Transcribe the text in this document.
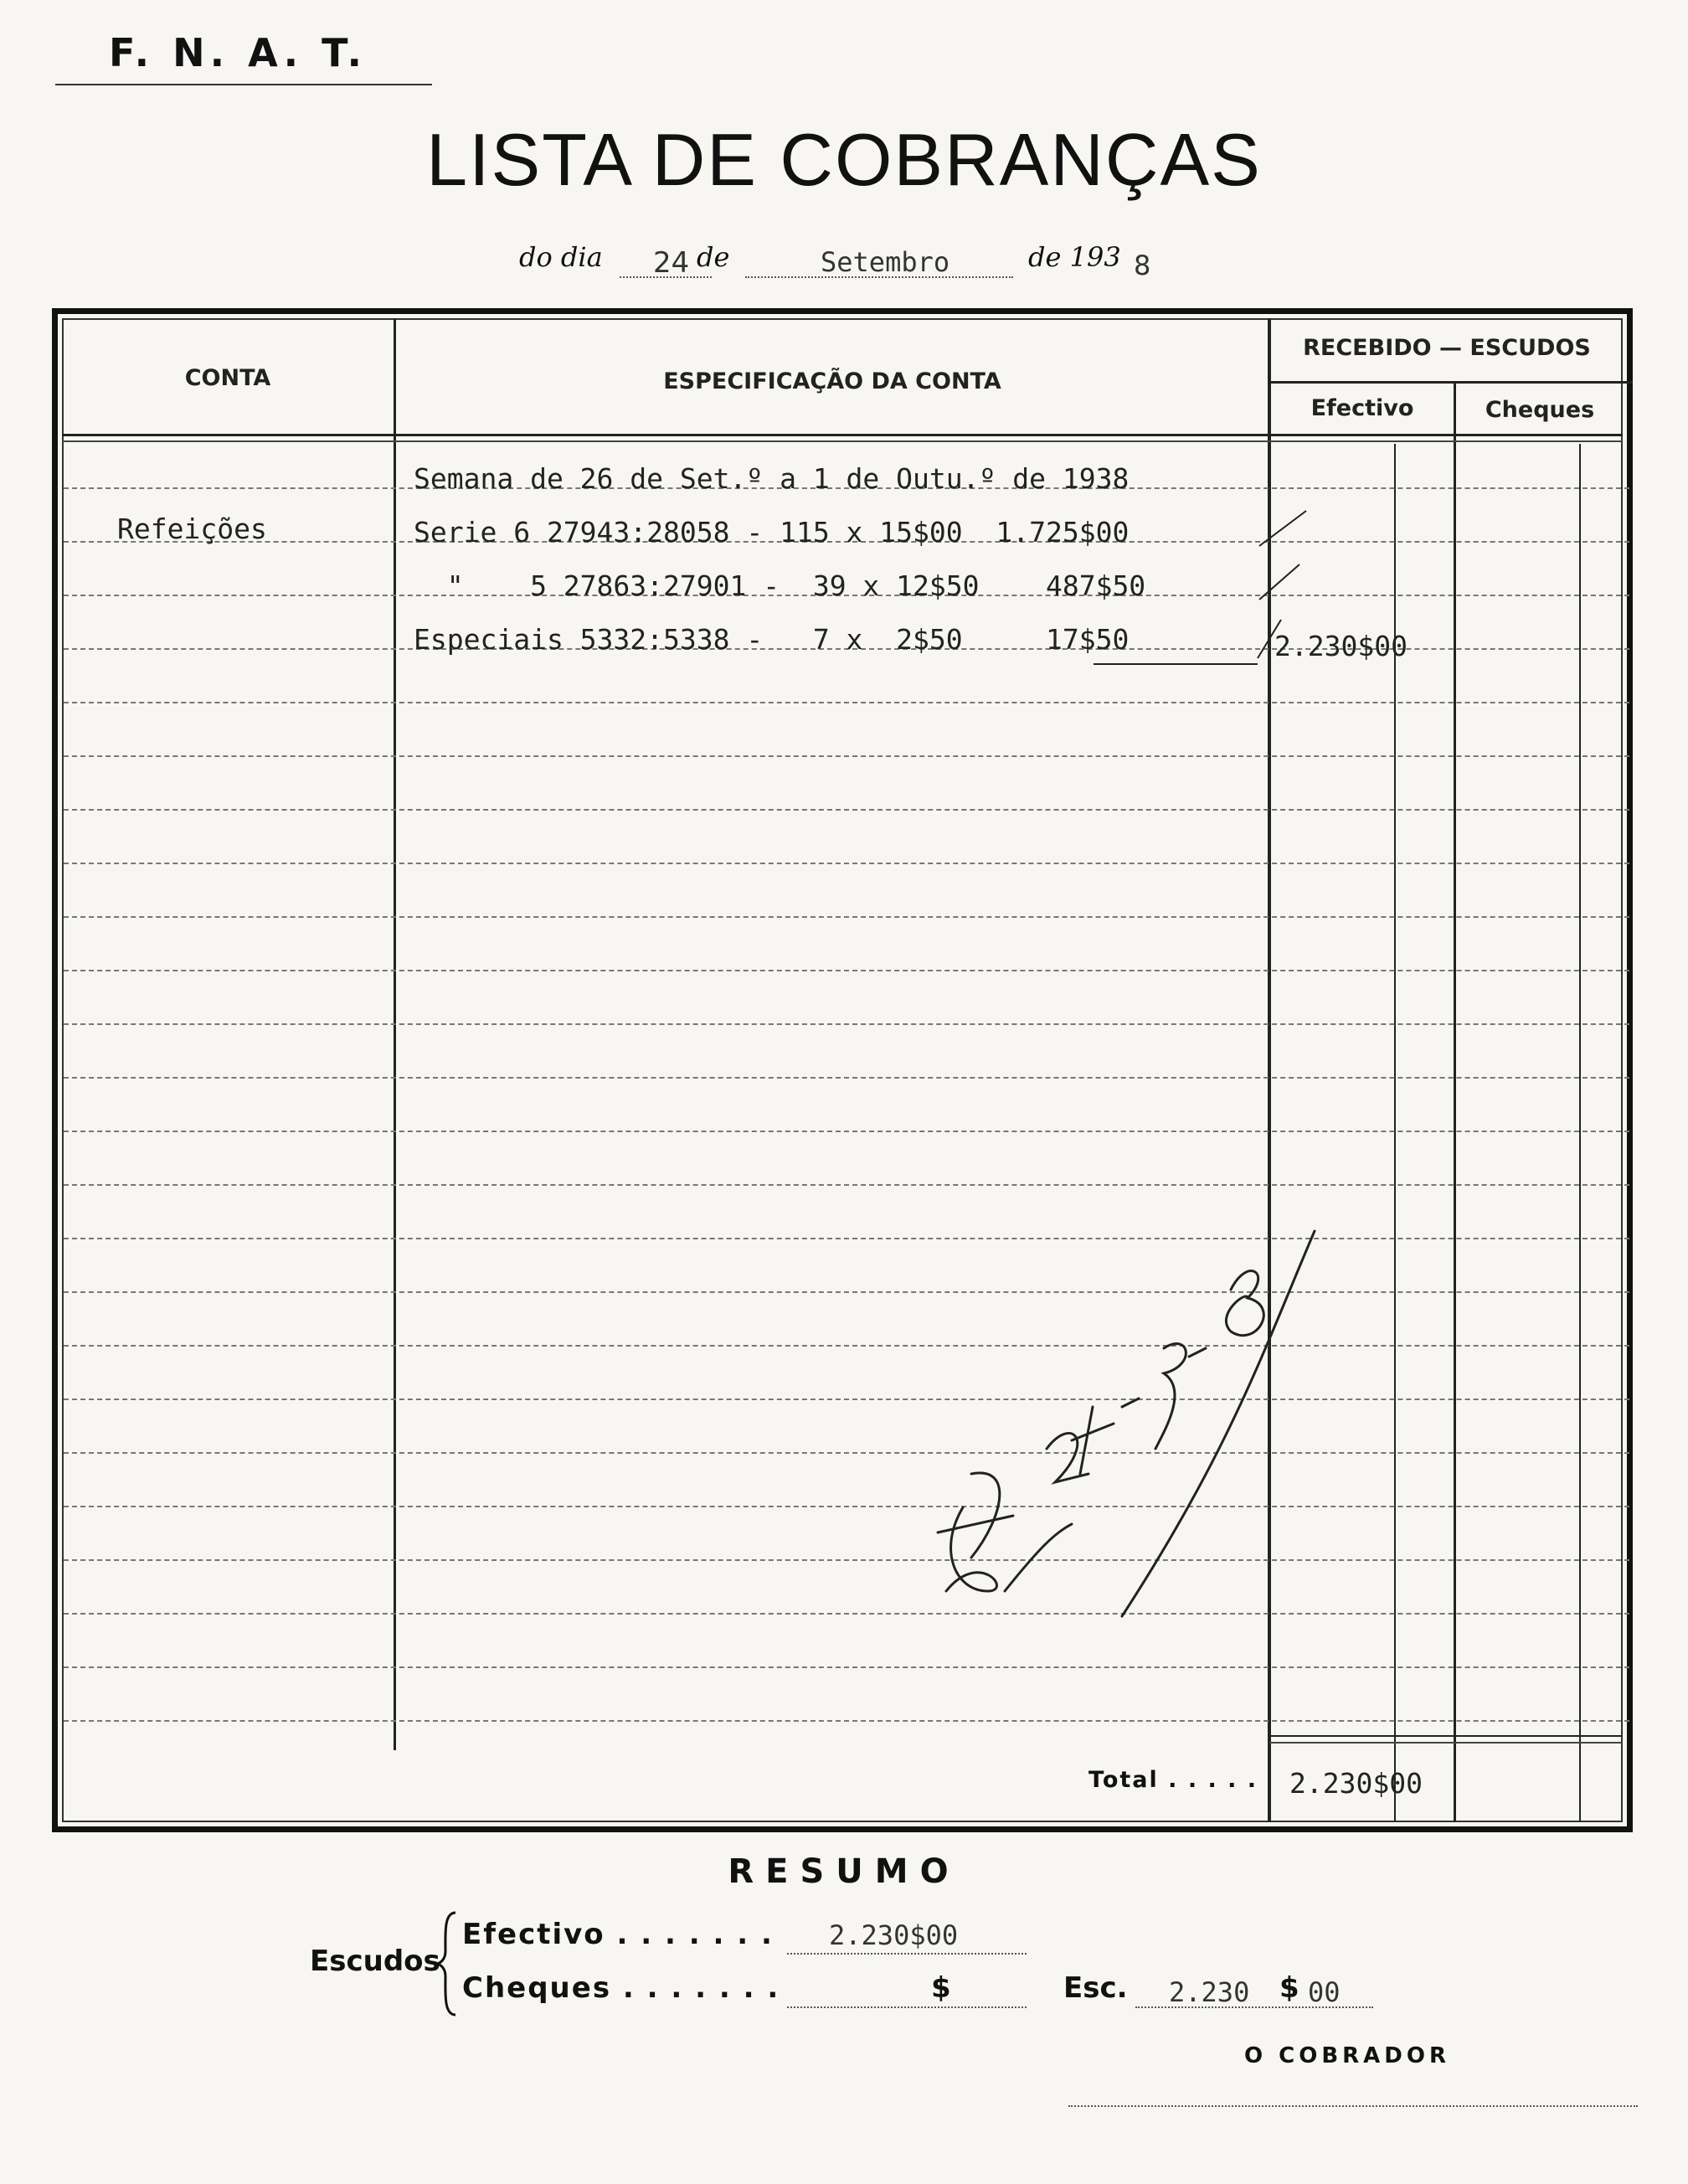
F. N. A. T.
LISTA DE COBRANÇAS
do dia 24 de	Setembro	de 193 8
CONTA	ESPECIFICAÇÃO DA CONTA
RECEBIDO — ESCUDOS
Efectivo	Cheques
Refeições
Semana de 26 de Set.º a 1 de Outu.º de 1938
Serie 6 27943:28058 - 115 x 15$00  1.725$00
"    5 27863:27901 -  39 x 12$50    487$50
Especiais 5332:5338 -   7 x  2$50     17$50	2.230$00
Total . . . . . 2.230$00
RESUMO
Escudos
Efectivo . . . . . . . 2.230$00
Cheques . . . . . . .	$	Esc. 2.230 $ 00
O COBRADOR
